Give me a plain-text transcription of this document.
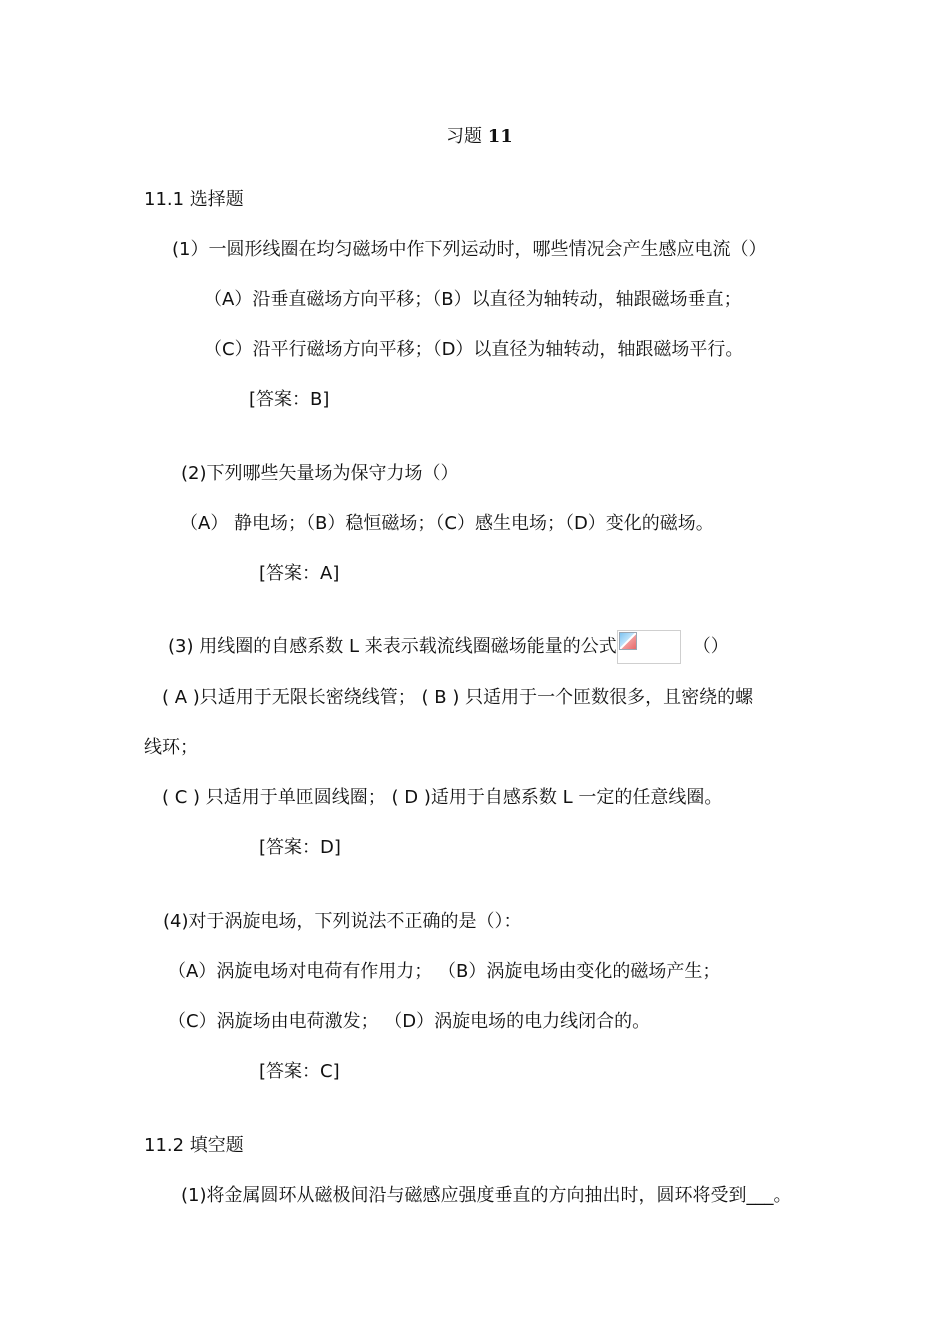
习题 11
11.1 选择题
(1）一圆形线圈在均匀磁场中作下列运动时，哪些情况会产生感应电流（）
（A）沿垂直磁场方向平移；（B）以直径为轴转动，轴跟磁场垂直；
（C）沿平行磁场方向平移；（D）以直径为轴转动，轴跟磁场平行。
[答案：B]
(2)下列哪些矢量场为保守力场（）
（A） 静电场；（B）稳恒磁场；（C）感生电场；（D）变化的磁场。
[答案：A]
(3) 用线圈的自感系数 L 来表示载流线圈磁场能量的公式	（）
( A )只适用于无限长密绕线管； ( B ) 只适用于一个匝数很多，且密绕的螺
线环；
( C ) 只适用于单匝圆线圈； ( D )适用于自感系数 L 一定的任意线圈。
[答案：D]
(4)对于涡旋电场，下列说法不正确的是（）：
（A）涡旋电场对电荷有作用力； （B）涡旋电场由变化的磁场产生；
（C）涡旋场由电荷激发； （D）涡旋电场的电力线闭合的。
[答案：C]
11.2 填空题
(1)将金属圆环从磁极间沿与磁感应强度垂直的方向抽出时，圆环将受到___。
